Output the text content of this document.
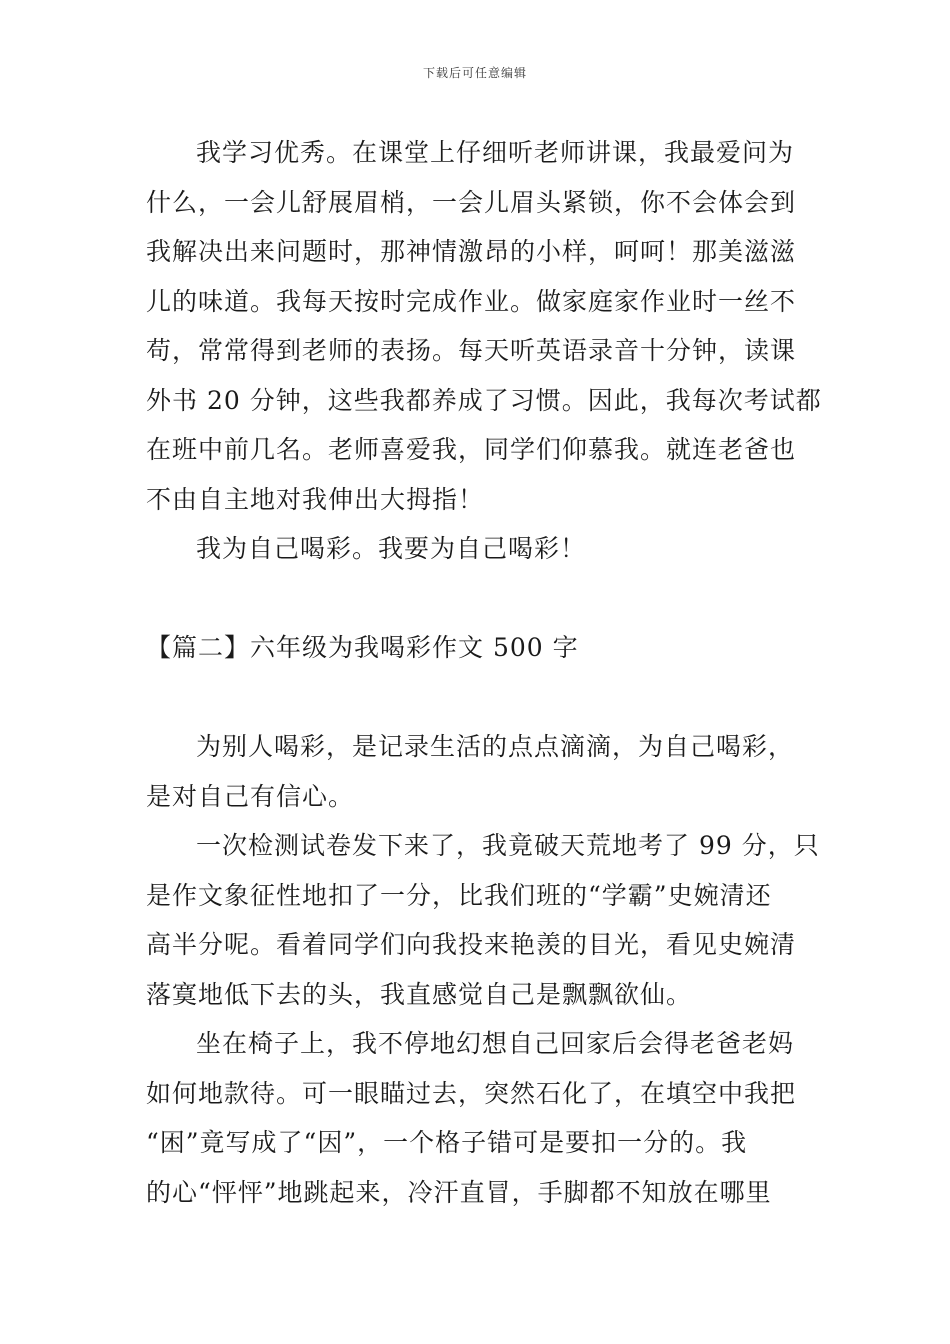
下载后可任意编辑
我学习优秀。在课堂上仔细听老师讲课，我最爱问为
什么，一会儿舒展眉梢，一会儿眉头紧锁，你不会体会到
我解决出来问题时，那神情激昂的小样，呵呵！那美滋滋
儿的味道。我每天按时完成作业。做家庭家作业时一丝不
苟，常常得到老师的表扬。每天听英语录音十分钟，读课
外书 20 分钟，这些我都养成了习惯。因此，我每次考试都
在班中前几名。老师喜爱我，同学们仰慕我。就连老爸也
不由自主地对我伸出大拇指！
我为自己喝彩。我要为自己喝彩！
【篇二】六年级为我喝彩作文 500 字
为别人喝彩，是记录生活的点点滴滴，为自己喝彩，
是对自己有信心。
一次检测试卷发下来了，我竟破天荒地考了 99 分，只
是作文象征性地扣了一分，比我们班的“学霸”史婉清还
高半分呢。看着同学们向我投来艳羡的目光，看见史婉清
落寞地低下去的头，我直感觉自己是飘飘欲仙。
坐在椅子上，我不停地幻想自己回家后会得老爸老妈
如何地款待。可一眼瞄过去，突然石化了，在填空中我把
“困”竟写成了“因”，一个格子错可是要扣一分的。我
的心“怦怦”地跳起来，冷汗直冒，手脚都不知放在哪里
